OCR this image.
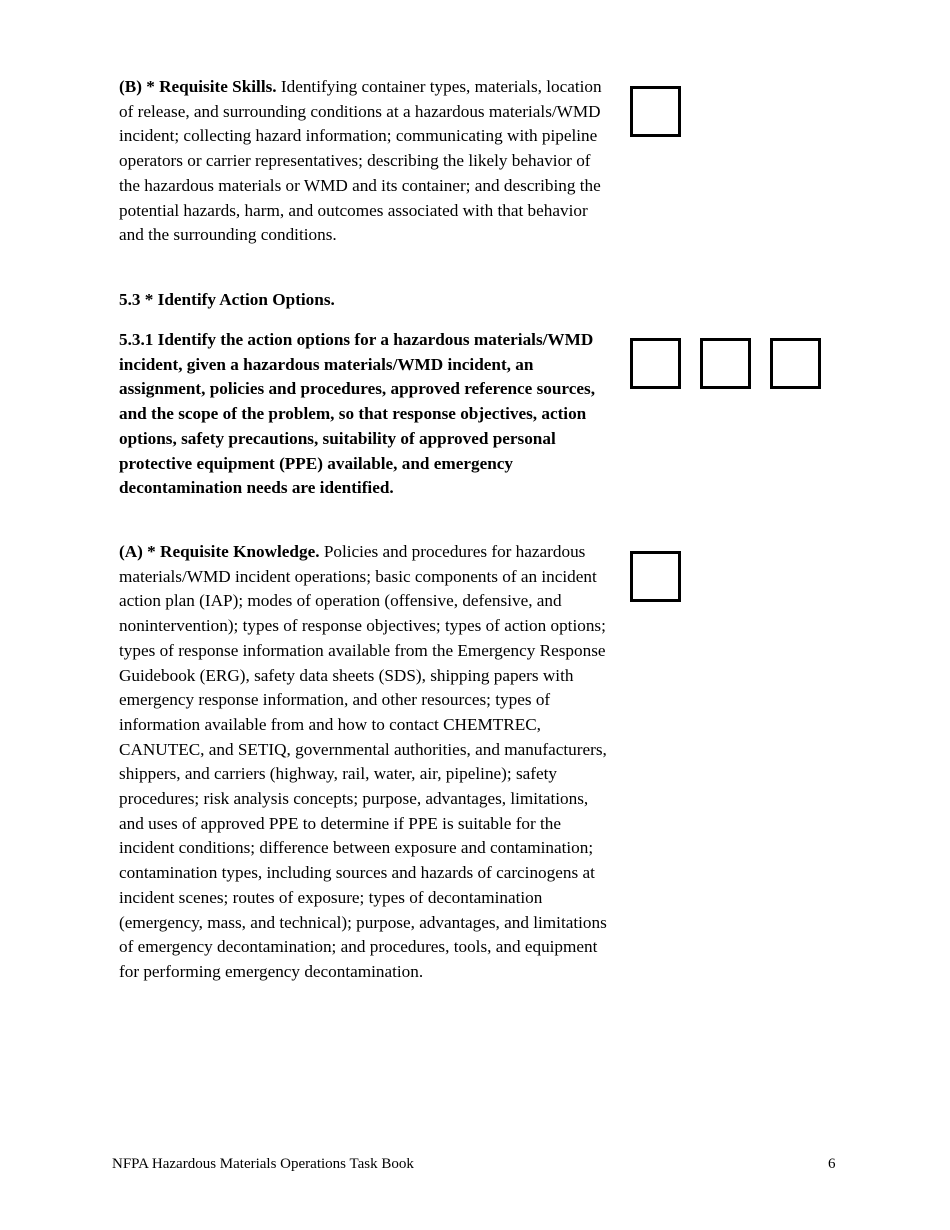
(B) * Requisite Skills. Identifying container types, materials, location of release, and surrounding conditions at a hazardous materials/WMD incident; collecting hazard information; communicating with pipeline operators or carrier representatives; describing the likely behavior of the hazardous materials or WMD and its container; and describing the potential hazards, harm, and outcomes associated with that behavior and the surrounding conditions.
5.3 * Identify Action Options.
5.3.1 Identify the action options for a hazardous materials/WMD incident, given a hazardous materials/WMD incident, an assignment, policies and procedures, approved reference sources, and the scope of the problem, so that response objectives, action options, safety precautions, suitability of approved personal protective equipment (PPE) available, and emergency decontamination needs are identified.
(A) * Requisite Knowledge. Policies and procedures for hazardous materials/WMD incident operations; basic components of an incident action plan (IAP); modes of operation (offensive, defensive, and nonintervention); types of response objectives; types of action options; types of response information available from the Emergency Response Guidebook (ERG), safety data sheets (SDS), shipping papers with emergency response information, and other resources; types of information available from and how to contact CHEMTREC, CANUTEC, and SETIQ, governmental authorities, and manufacturers, shippers, and carriers (highway, rail, water, air, pipeline); safety procedures; risk analysis concepts; purpose, advantages, limitations, and uses of approved PPE to determine if PPE is suitable for the incident conditions; difference between exposure and contamination; contamination types, including sources and hazards of carcinogens at incident scenes; routes of exposure; types of decontamination (emergency, mass, and technical); purpose, advantages, and limitations of emergency decontamination; and procedures, tools, and equipment for performing emergency decontamination.
NFPA Hazardous Materials Operations Task Book	6
